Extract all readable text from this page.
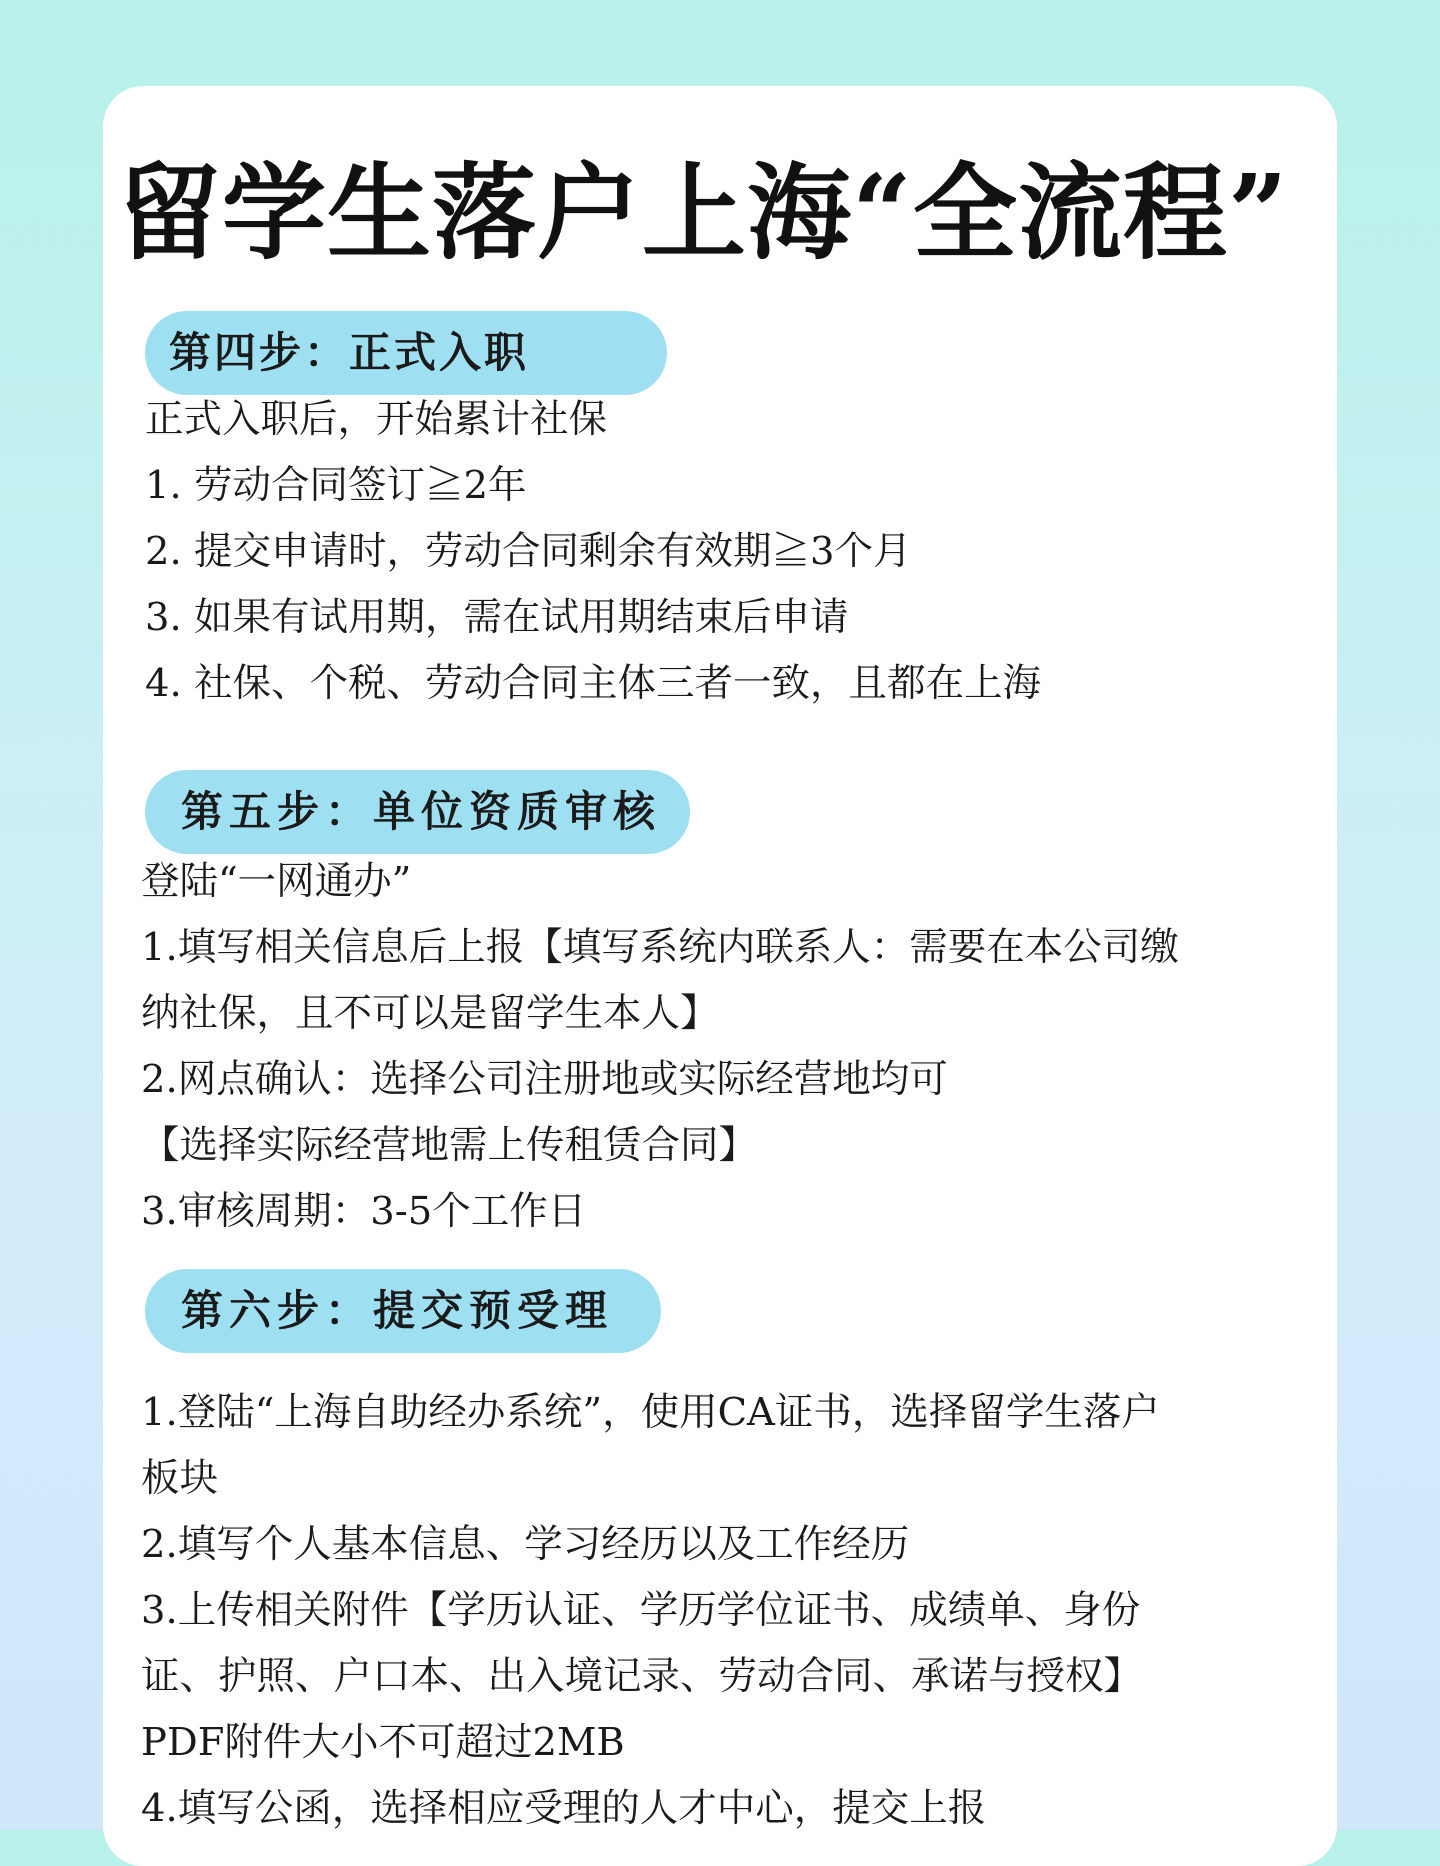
留学生落户上海“全流程”
第四步：正式入职
正式入职后，开始累计社保
1. 劳动合同签订≧2年
2. 提交申请时，劳动合同剩余有效期≧3个月
3. 如果有试用期，需在试用期结束后申请
4. 社保、个税、劳动合同主体三者一致，且都在上海
第五步：单位资质审核
登陆“一网通办”
1.填写相关信息后上报【填写系统内联系人：需要在本公司缴
纳社保，且不可以是留学生本人】
2.网点确认：选择公司注册地或实际经营地均可
【选择实际经营地需上传租赁合同】
3.审核周期：3-5个工作日
第六步：提交预受理
1.登陆“上海自助经办系统”，使用CA证书，选择留学生落户
板块
2.填写个人基本信息、学习经历以及工作经历
3.上传相关附件【学历认证、学历学位证书、成绩单、身份
证、护照、户口本、出入境记录、劳动合同、承诺与授权】
PDF附件大小不可超过2MB
4.填写公函，选择相应受理的人才中心，提交上报
